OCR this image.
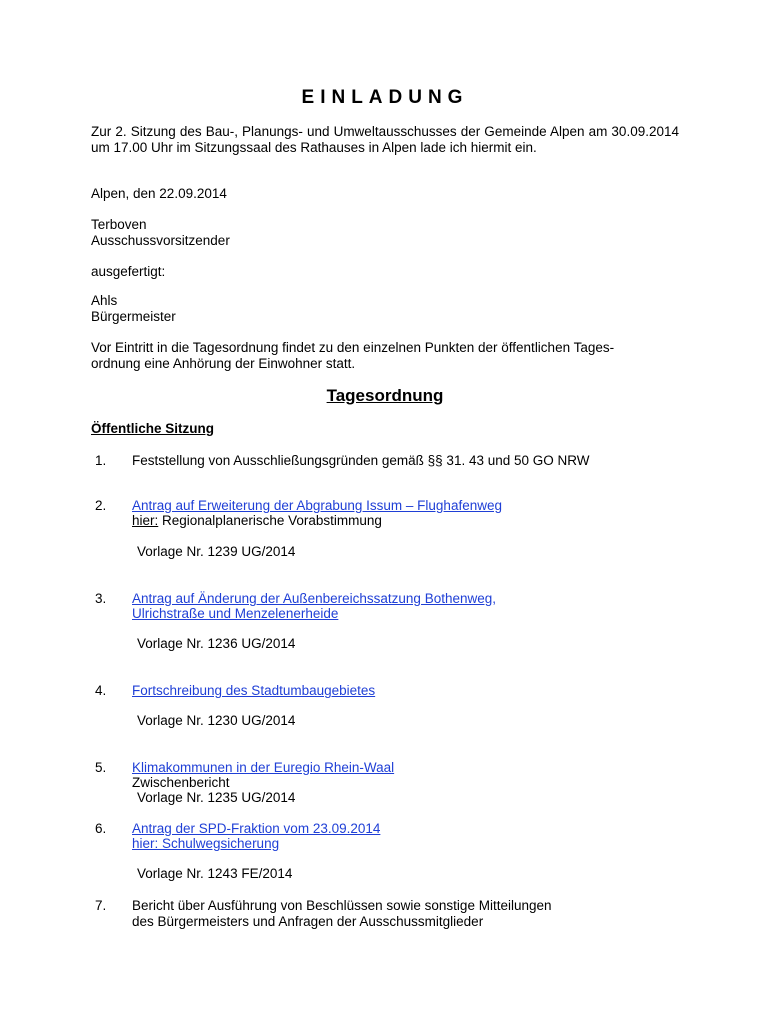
EINLADUNG
Zur 2. Sitzung des Bau-, Planungs- und Umweltausschusses der Gemeinde Alpen am 30.09.2014 um 17.00 Uhr im Sitzungssaal des Rathauses in Alpen lade ich hiermit ein.
Alpen, den 22.09.2014
Terboven
Ausschussvorsitzender
ausgefertigt:
Ahls
Bürgermeister
Vor Eintritt in die Tagesordnung findet zu den einzelnen Punkten der öffentlichen Tages-
ordnung eine Anhörung der Einwohner statt.
Tagesordnung
Öffentliche Sitzung
1. Feststellung von Ausschließungsgründen gemäß §§ 31. 43 und 50 GO NRW
2. Antrag auf Erweiterung der Abgrabung Issum – Flughafenweg
hier: Regionalplanerische Vorabstimmung
Vorlage Nr. 1239 UG/2014
3. Antrag auf Änderung der Außenbereichssatzung Bothenweg,
Ulrichstraße und Menzelenerheide
Vorlage Nr. 1236 UG/2014
4. Fortschreibung des Stadtumbaugebietes
Vorlage Nr. 1230 UG/2014
5. Klimakommunen in der Euregio Rhein-Waal
Zwischenbericht
Vorlage Nr. 1235 UG/2014
6. Antrag der SPD-Fraktion vom 23.09.2014
hier: Schulwegsicherung
Vorlage Nr. 1243 FE/2014
7. Bericht über Ausführung von Beschlüssen sowie sonstige Mitteilungen
des Bürgermeisters und Anfragen der Ausschussmitglieder
